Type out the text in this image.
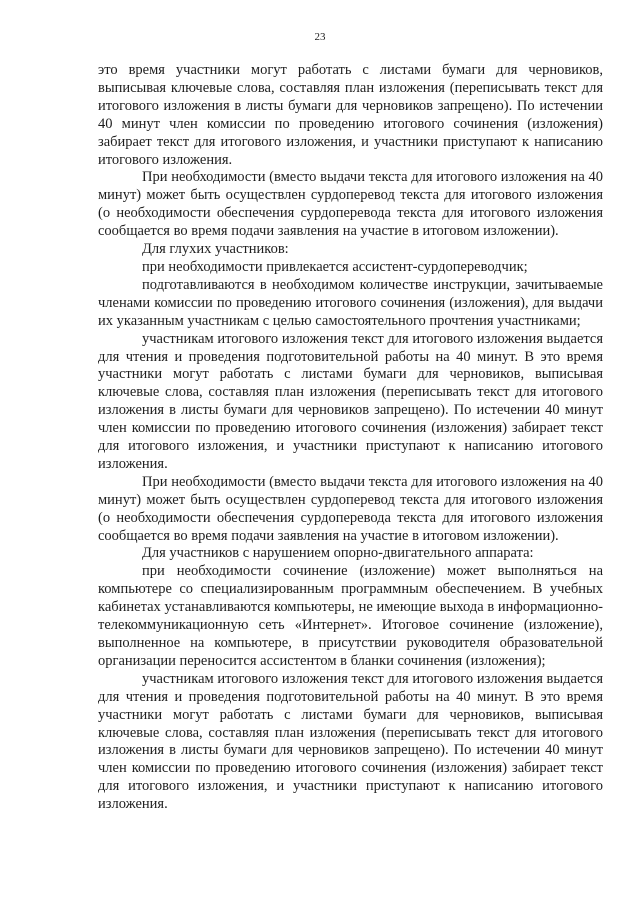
23

это время участники могут работать с листами бумаги для черновиков, выписывая ключевые слова, составляя план изложения (переписывать текст для итогового изложения в листы бумаги для черновиков запрещено). По истечении 40 минут член комиссии по проведению итогового сочинения (изложения) забирает текст для итогового изложения, и участники приступают к написанию итогового изложения.

При необходимости (вместо выдачи текста для итогового изложения на 40 минут) может быть осуществлен сурдоперевод текста для итогового изложения (о необходимости обеспечения сурдоперевода текста для итогового изложения сообщается во время подачи заявления на участие в итоговом изложении).

Для глухих участников:

при необходимости привлекается ассистент-сурдопереводчик;

подготавливаются в необходимом количестве инструкции, зачитываемые членами комиссии по проведению итогового сочинения (изложения), для выдачи их указанным участникам с целью самостоятельного прочтения участниками;

участникам итогового изложения текст для итогового изложения выдается для чтения и проведения подготовительной работы на 40 минут. В это время участники могут работать с листами бумаги для черновиков, выписывая ключевые слова, составляя план изложения (переписывать текст для итогового изложения в листы бумаги для черновиков запрещено). По истечении 40 минут член комиссии по проведению итогового сочинения (изложения) забирает текст для итогового изложения, и участники приступают к написанию итогового изложения.

При необходимости (вместо выдачи текста для итогового изложения на 40 минут) может быть осуществлен сурдоперевод текста для итогового изложения (о необходимости обеспечения сурдоперевода текста для итогового изложения сообщается во время подачи заявления на участие в итоговом изложении).

Для участников с нарушением опорно-двигательного аппарата:

при необходимости сочинение (изложение) может выполняться на компьютере со специализированным программным обеспечением. В учебных кабинетах устанавливаются компьютеры, не имеющие выхода в информационно-телекоммуникационную сеть «Интернет». Итоговое сочинение (изложение), выполненное на компьютере, в присутствии руководителя образовательной организации переносится ассистентом в бланки сочинения (изложения);

участникам итогового изложения текст для итогового изложения выдается для чтения и проведения подготовительной работы на 40 минут. В это время участники могут работать с листами бумаги для черновиков, выписывая ключевые слова, составляя план изложения (переписывать текст для итогового изложения в листы бумаги для черновиков запрещено). По истечении 40 минут член комиссии по проведению итогового сочинения (изложения) забирает текст для итогового изложения, и участники приступают к написанию итогового изложения.
